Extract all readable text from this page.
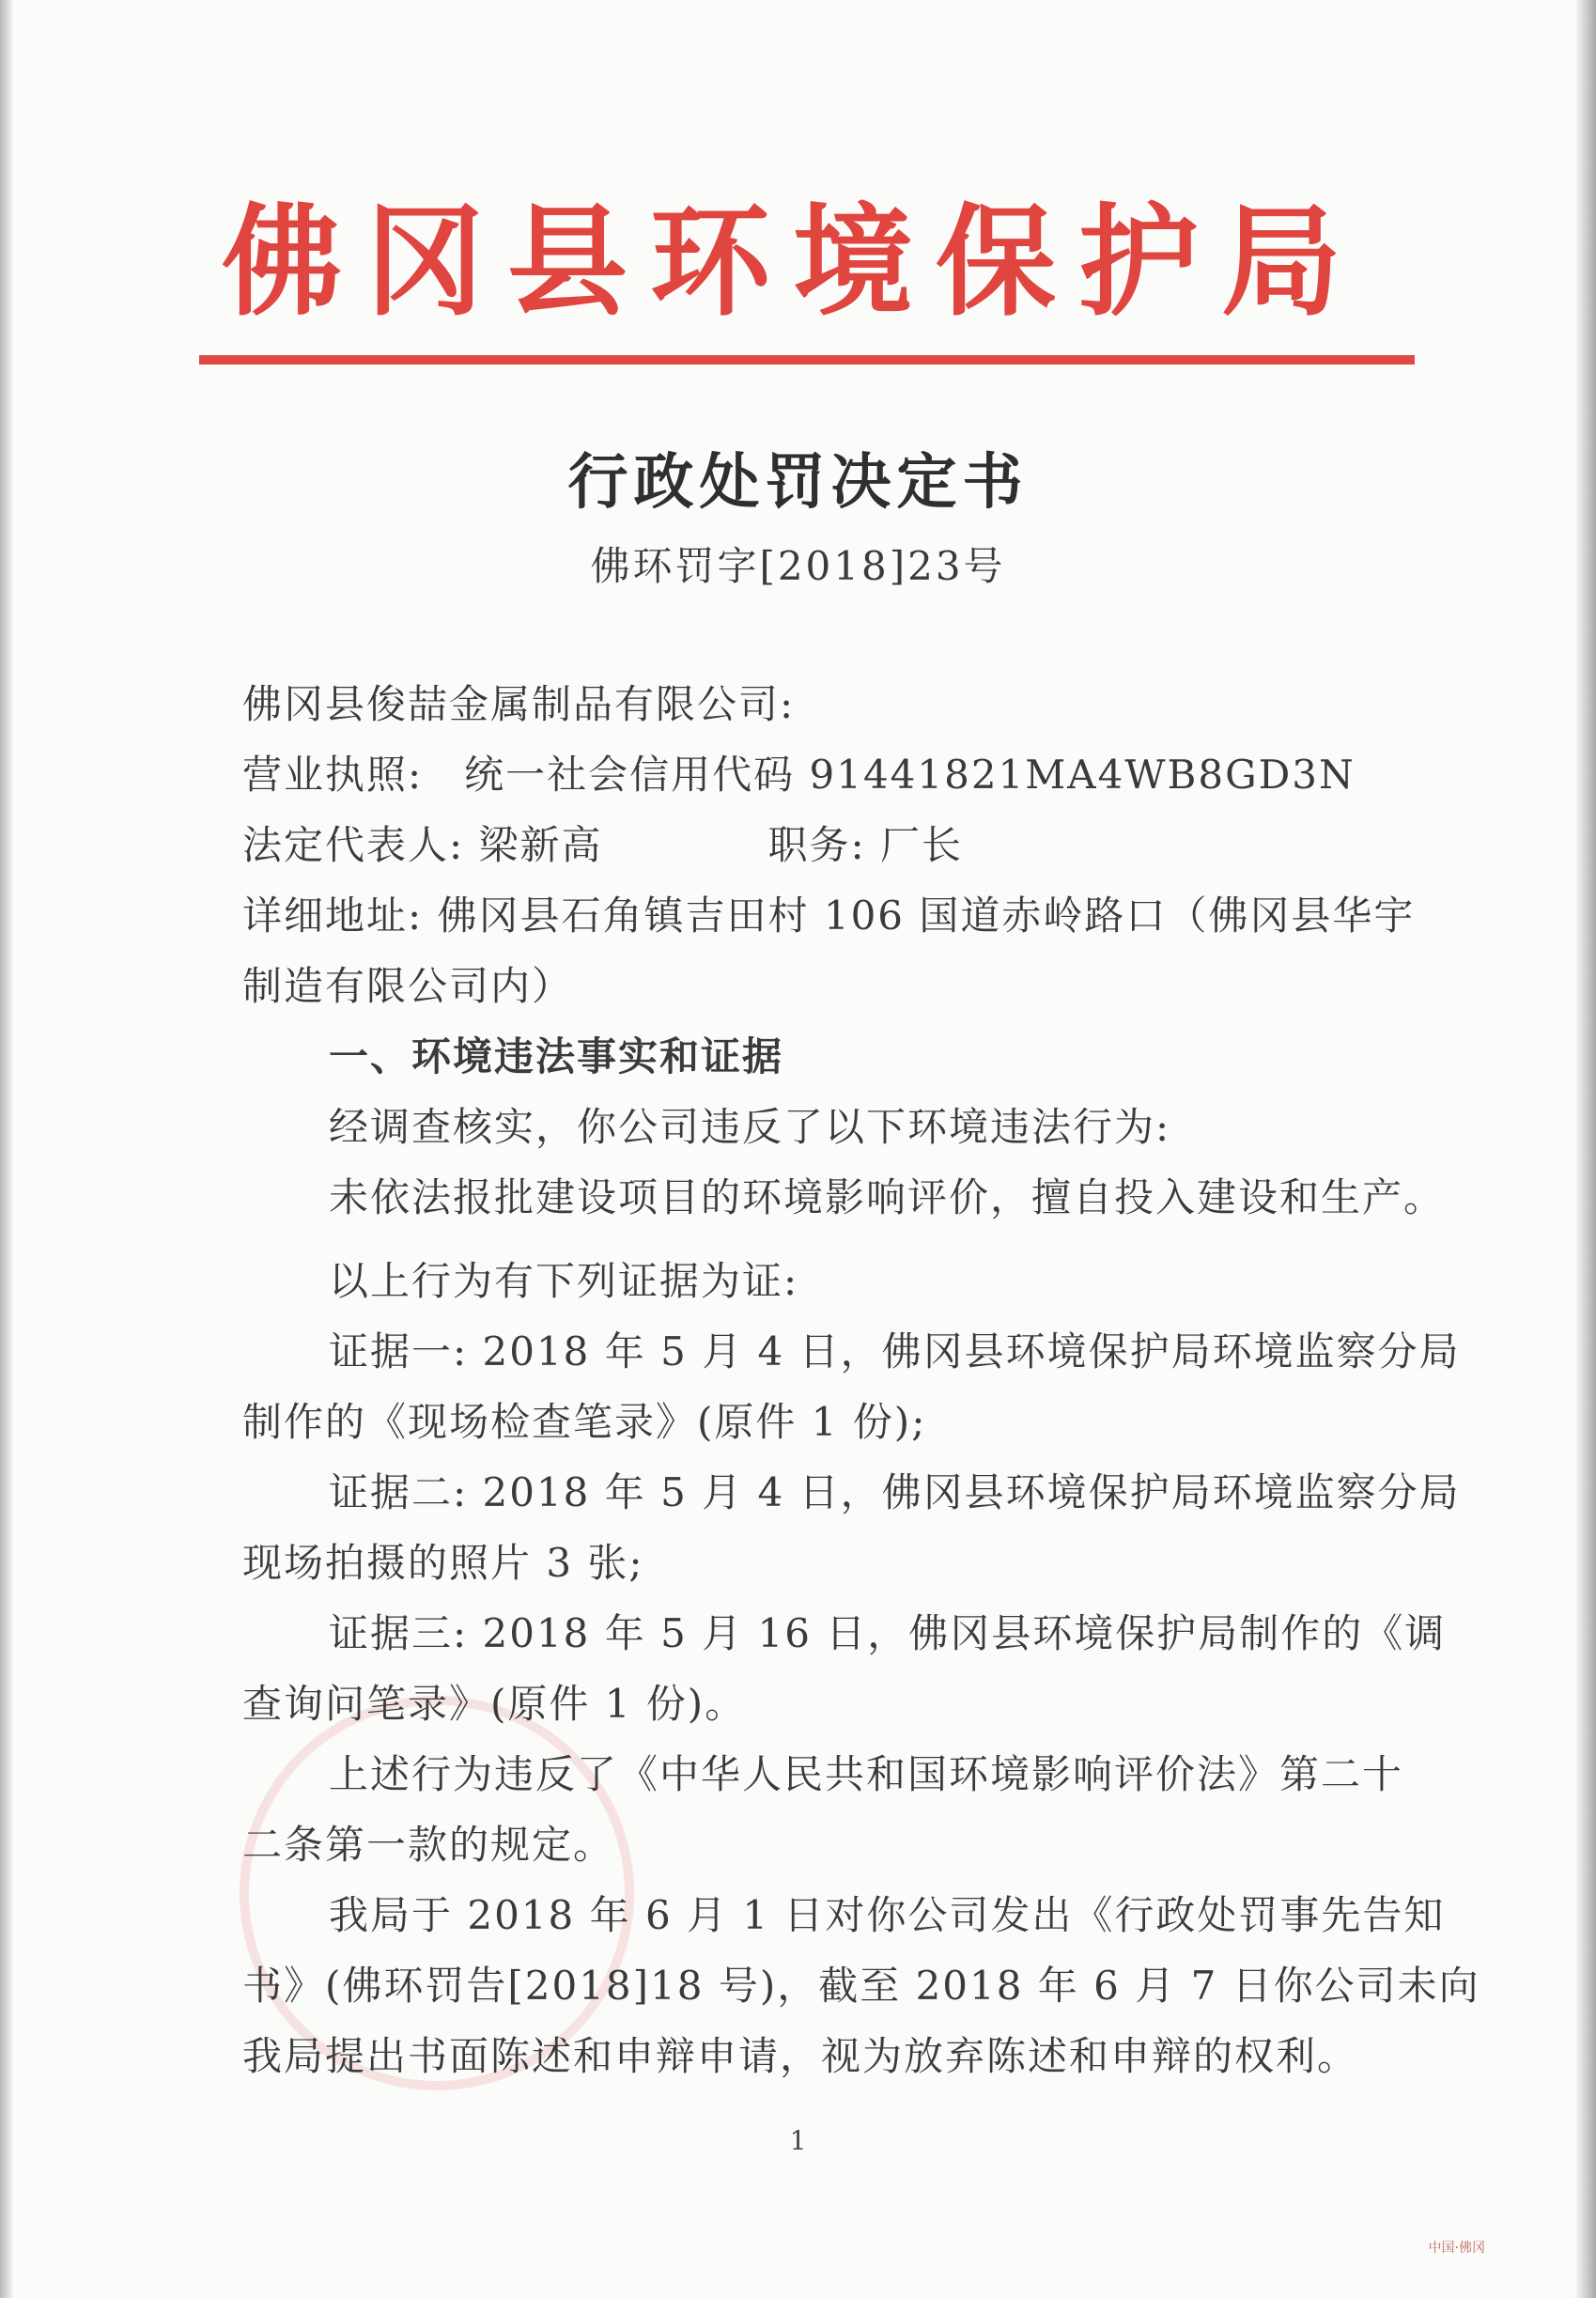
佛冈县环境保护局
行政处罚决定书
佛环罚字[2018]23号
佛冈县俊喆金属制品有限公司:
营业执照:　统一社会信用代码 91441821MA4WB8GD3N
法定代表人: 梁新高　　　　职务: 厂长
详细地址: 佛冈县石角镇吉田村 106 国道赤岭路口（佛冈县华宇
制造有限公司内）
一、环境违法事实和证据
经调查核实，你公司违反了以下环境违法行为:
未依法报批建设项目的环境影响评价，擅自投入建设和生产。
以上行为有下列证据为证:
证据一: 2018 年 5 月 4 日，佛冈县环境保护局环境监察分局
制作的《现场检查笔录》(原件 1 份);
证据二: 2018 年 5 月 4 日，佛冈县环境保护局环境监察分局
现场拍摄的照片 3 张;
证据三: 2018 年 5 月 16 日，佛冈县环境保护局制作的《调
查询问笔录》(原件 1 份)。
上述行为违反了《中华人民共和国环境影响评价法》第二十
二条第一款的规定。
我局于 2018 年 6 月 1 日对你公司发出《行政处罚事先告知
书》(佛环罚告[2018]18 号)，截至 2018 年 6 月 7 日你公司未向
我局提出书面陈述和申辩申请，视为放弃陈述和申辩的权利。
1
中国·佛冈
